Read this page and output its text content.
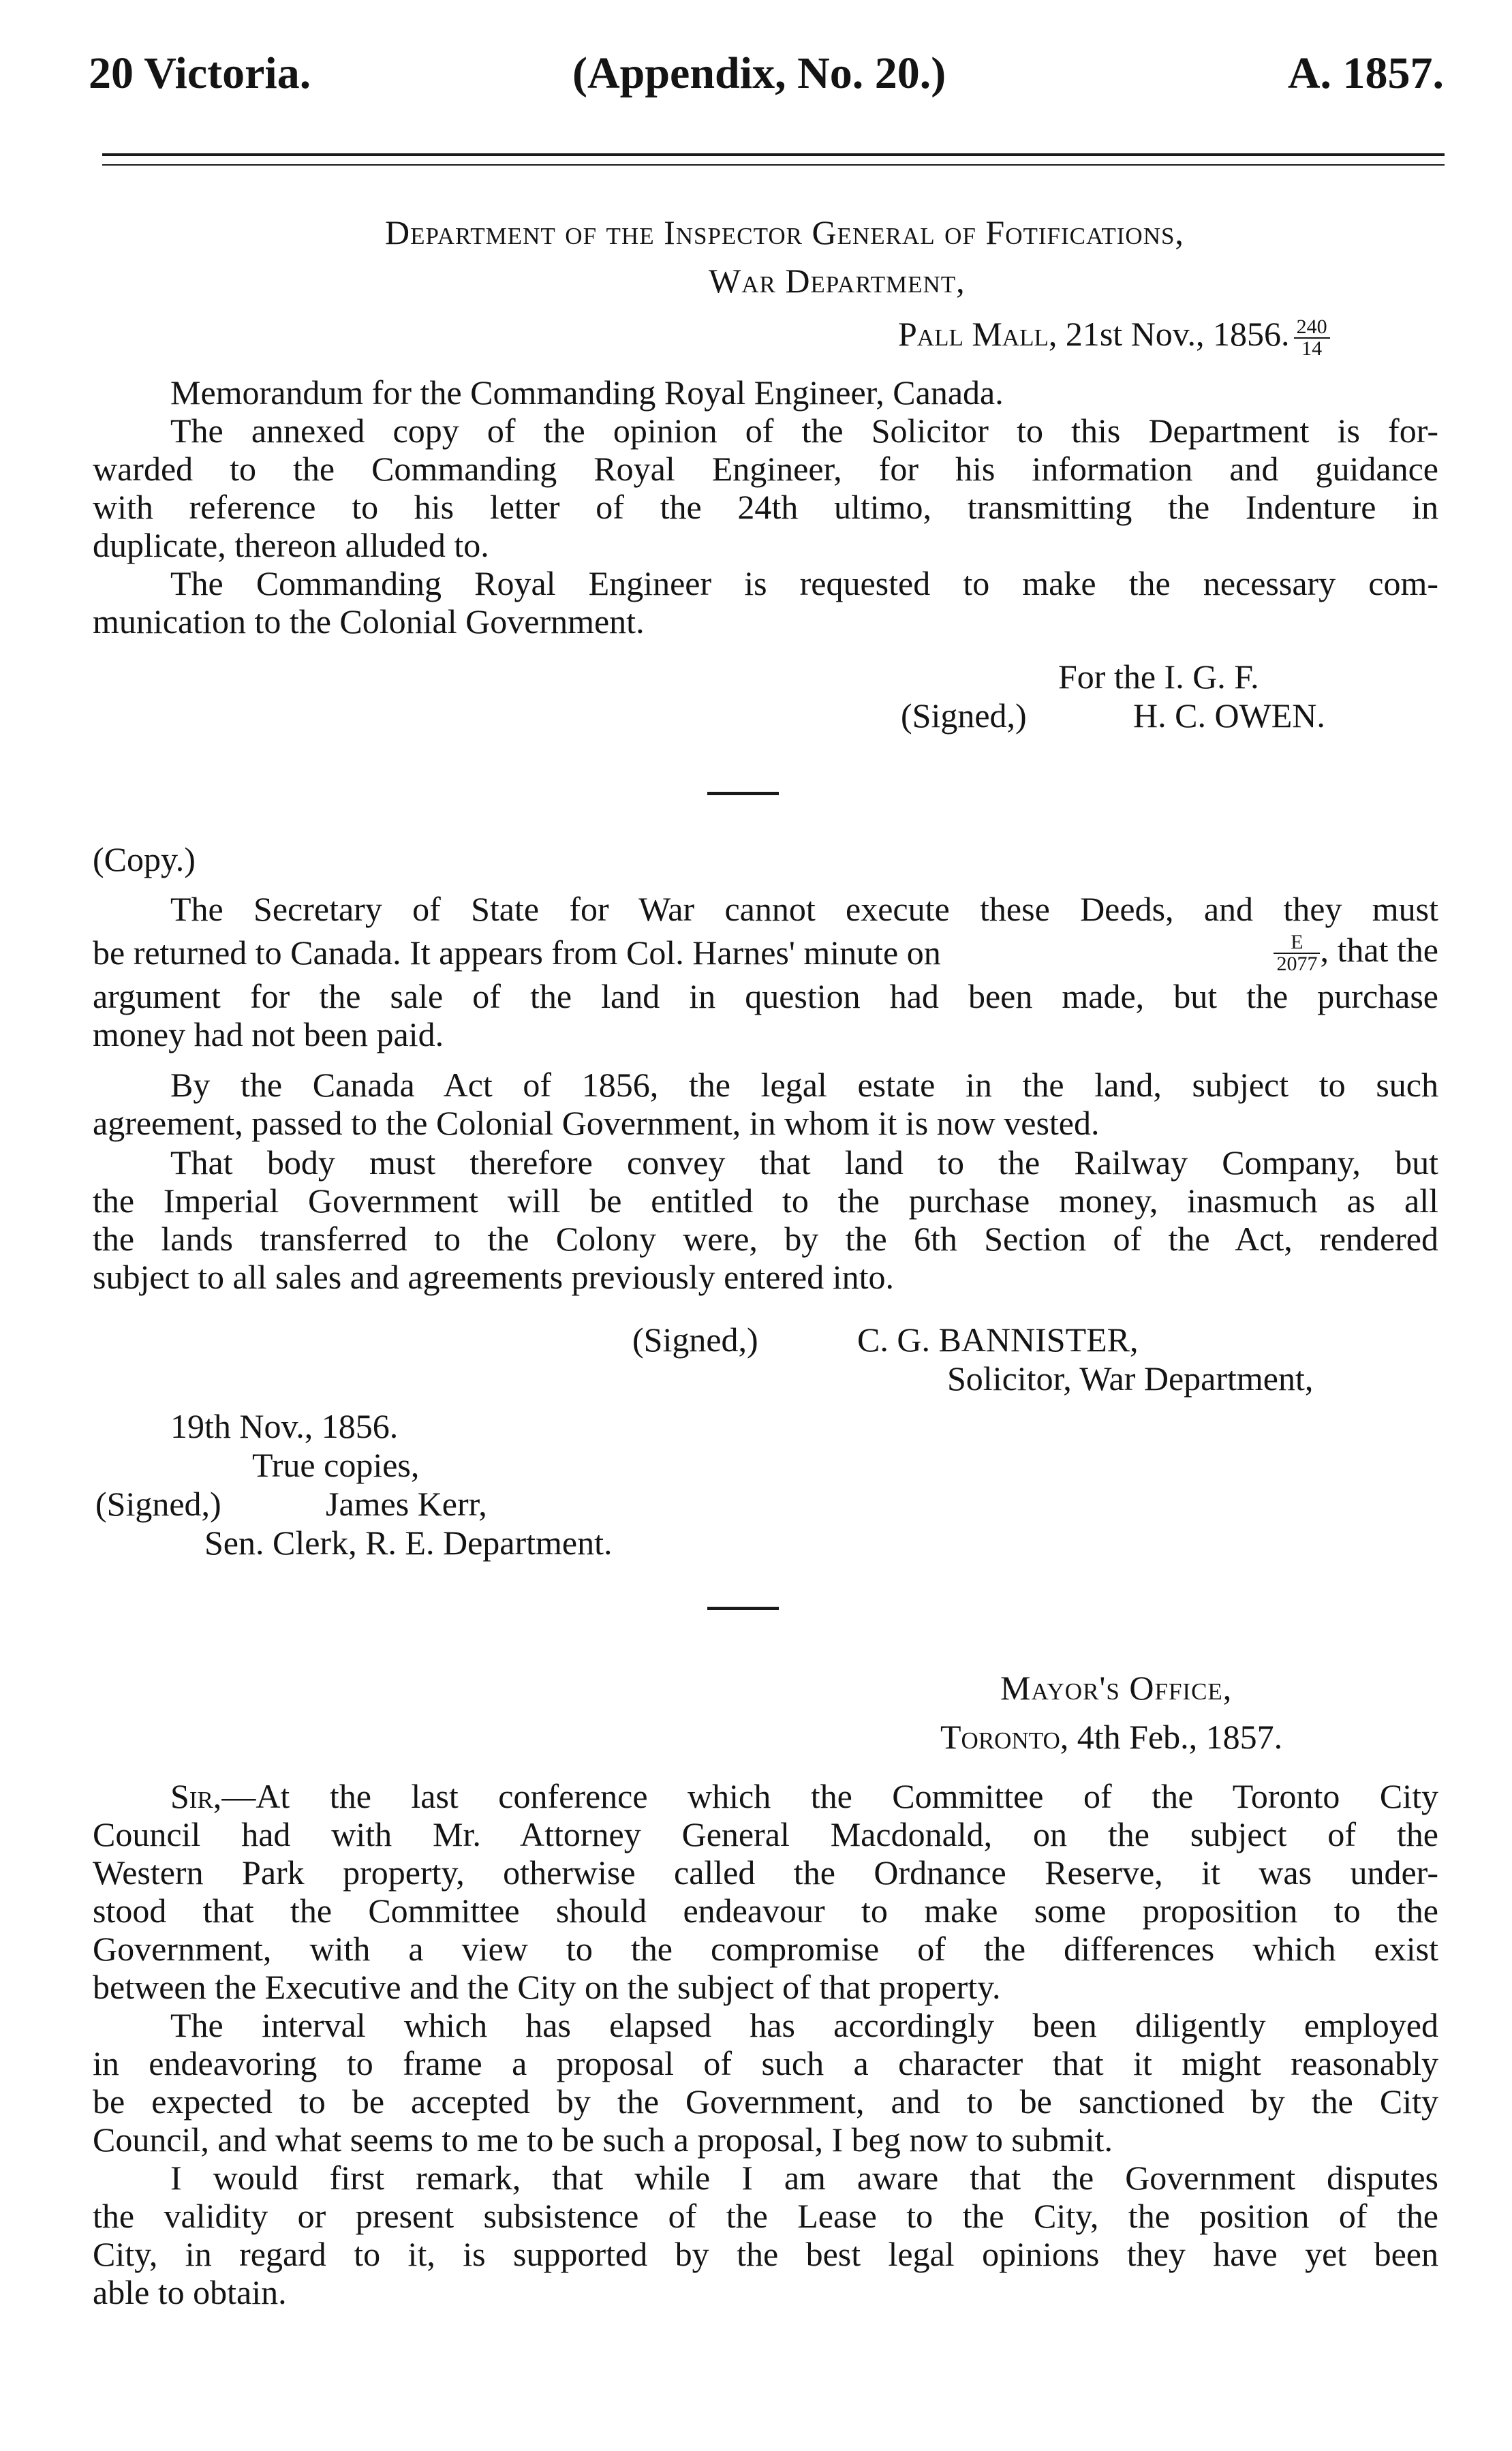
20 Victoria.	(Appendix, No. 20.)	A. 1857.
Department of the Inspector General of Fotifications,
War Department,
Pall Mall, 21st Nov., 1856. $\frac{240}{14}$
Memorandum for the Commanding Royal Engineer, Canada.
The annexed copy of the opinion of the Solicitor to this Department is for-
warded to the Commanding Royal Engineer, for his information and guidance
with reference to his letter of the 24th ultimo, transmitting the Indenture in
duplicate, thereon alluded to.
The Commanding Royal Engineer is requested to make the necessary com-
munication to the Colonial Government.
For the I. G. F.
(Signed,)	H. C. OWEN.
(Copy.)
The Secretary of State for War cannot execute these Deeds, and they must
be returned to Canada. It appears from Col. Harnes' minute on	$\frac{E}{2077}$ , that the
argument for the sale of the land in question had been made, but the purchase
money had not been paid.
By the Canada Act of 1856, the legal estate in the land, subject to such
agreement, passed to the Colonial Government, in whom it is now vested.
That body must therefore convey that land to the Railway Company, but
the Imperial Government will be entitled to the purchase money, inasmuch as all
the lands transferred to the Colony were, by the 6th Section of the Act, rendered
subject to all sales and agreements previously entered into.
(Signed,)	C. G. BANNISTER,
Solicitor, War Department,
19th Nov., 1856.
True copies,
(Signed,)	James Kerr,
Sen. Clerk, R. E. Department.
Mayor's Office,
Toronto, 4th Feb., 1857.
Sir,—At the last conference which the Committee of the Toronto City
Council had with Mr. Attorney General Macdonald, on the subject of the
Western Park property, otherwise called the Ordnance Reserve, it was under-
stood that the Committee should endeavour to make some proposition to the
Government, with a view to the compromise of the differences which exist
between the Executive and the City on the subject of that property.
The interval which has elapsed has accordingly been diligently employed
in endeavoring to frame a proposal of such a character that it might reasonably
be expected to be accepted by the Government, and to be sanctioned by the City
Council, and what seems to me to be such a proposal, I beg now to submit.
I would first remark, that while I am aware that the Government disputes
the validity or present subsistence of the Lease to the City, the position of the
City, in regard to it, is supported by the best legal opinions they have yet been
able to obtain.
